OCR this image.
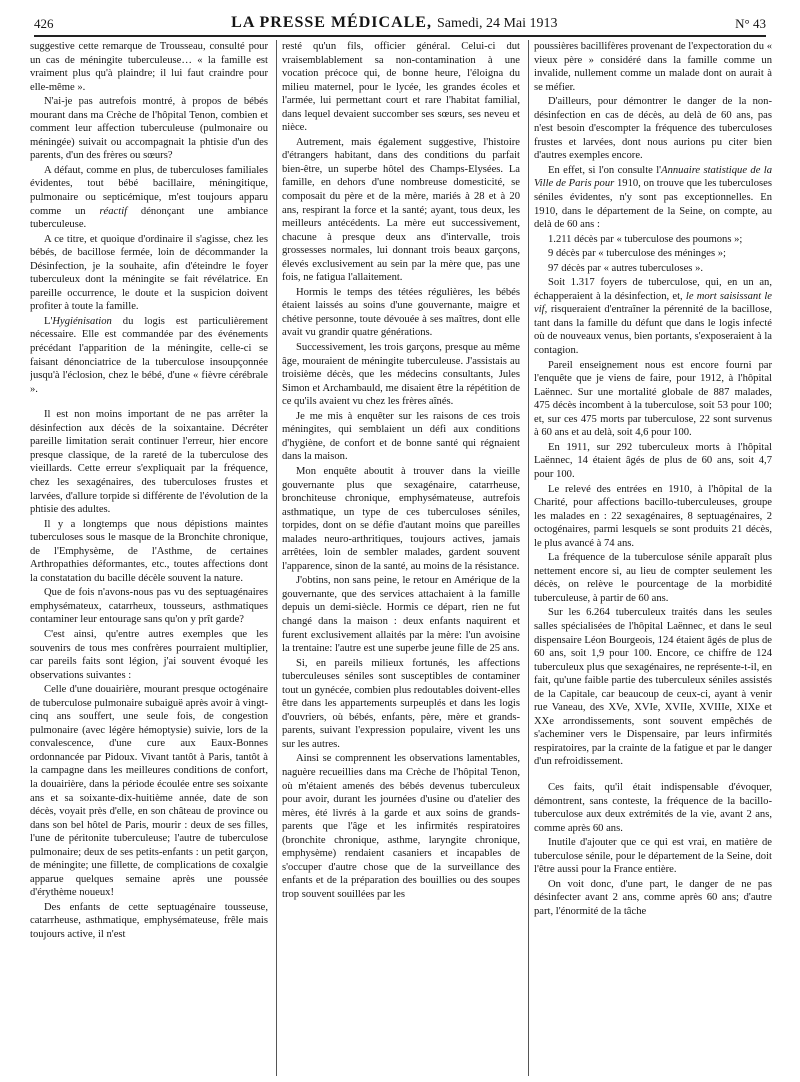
426	LA PRESSE MÉDICALE, Samedi, 24 Mai 1913	N° 43

suggestive cette remarque de Trousseau, consulté pour un cas de méningite tuberculeuse… « la famille est vraiment plus qu'à plaindre; il lui faut craindre pour elle-même ».

N'ai-je pas autrefois montré, à propos de bébés mourant dans ma Crèche de l'hôpital Tenon, combien et comment leur affection tuberculeuse (pulmonaire ou méningée) suivait ou accompagnait la phtisie d'un des parents, d'un des frères ou sœurs?

A défaut, comme en plus, de tuberculoses familiales évidentes, tout bébé bacillaire, méningitique, pulmonaire ou septicémique, m'est toujours apparu comme un réactif dénonçant une ambiance tuberculeuse.

A ce titre, et quoique d'ordinaire il s'agisse, chez les bébés, de bacillose fermée, loin de décommander la Désinfection, je la souhaite, afin d'éteindre le foyer tuberculeux dont la méningite se fait révélatrice. En pareille occurrence, le doute et la suspicion doivent profiter à toute la famille.

L'Hygiénisation du logis est particulièrement nécessaire. Elle est commandée par des événements précédant l'apparition de la méningite, celle-ci se faisant dénonciatrice de la tuberculose insoupçonnée jusqu'à l'éclosion, chez le bébé, d'une « fièvre cérébrale ».

Il est non moins important de ne pas arrêter la désinfection aux décès de la soixantaine. Décréter pareille limitation serait continuer l'erreur, hier encore presque classique, de la rareté de la tuberculose des vieillards. Cette erreur s'expliquait par la fréquence, chez les sexagénaires, des tuberculoses frustes et larvées, d'allure torpide si différente de l'évolution de la phtisie des adultes.

Il y a longtemps que nous dépistions maintes tuberculoses sous le masque de la Bronchite chronique, de l'Emphysème, de l'Asthme, de certaines Arthropathies déformantes, etc., toutes affections dont la constatation du bacille décèle souvent la nature.

Que de fois n'avons-nous pas vu des septuagénaires emphysémateux, catarrheux, tousseurs, asthmatiques contaminer leur entourage sans qu'on y prît garde?

C'est ainsi, qu'entre autres exemples que les souvenirs de tous mes confrères pourraient multiplier, car pareils faits sont légion, j'ai souvent évoqué les observations suivantes :

Celle d'une douairière, mourant presque octogénaire de tuberculose pulmonaire subaiguë après avoir à vingt-cinq ans souffert, une seule fois, de congestion pulmonaire (avec légère hémoptysie) suivie, lors de la convalescence, d'une cure aux Eaux-Bonnes ordonnancée par Pidoux. Vivant tantôt à Paris, tantôt à la campagne dans les meilleures conditions de confort, la douairière, dans la période écoulée entre ses soixante ans et sa soixante-dix-huitième année, date de son décès, voyait près d'elle, en son château de province ou dans son bel hôtel de Paris, mourir : deux de ses filles, l'une de péritonite tuberculeuse; l'autre de tuberculose pulmonaire; deux de ses petits-enfants : un petit garçon, de méningite; une fillette, de complications de coxalgie apparue quelques semaine après une poussée d'érythème noueux!

Des enfants de cette septuagénaire tousseuse, catarrheuse, asthmatique, emphysémateuse, frêle mais toujours active, il n'est

resté qu'un fils, officier général. Celui-ci dut vraisemblablement sa non-contamination à une vocation précoce qui, de bonne heure, l'éloigna du milieu maternel, pour le lycée, les grandes écoles et l'armée, lui permettant court et rare l'habitat familial, dans lequel devaient succomber ses sœurs, ses neveu et nièce.

Autrement, mais également suggestive, l'histoire d'étrangers habitant, dans des conditions du parfait bien-être, un superbe hôtel des Champs-Elysées. La famille, en dehors d'une nombreuse domesticité, se composait du père et de la mère, mariés à 28 et à 20 ans, respirant la force et la santé; ayant, tous deux, les meilleurs antécédents. La mère eut successivement, chacune à presque deux ans d'intervalle, trois grossesses normales, lui donnant trois beaux garçons, élevés exclusivement au sein par la mère que, pas une fois, ne fatigua l'allaitement.

Hormis le temps des tétées régulières, les bébés étaient laissés au soins d'une gouvernante, maigre et chétive personne, toute dévouée à ses maîtres, dont elle avait vu grandir quatre générations.

Successivement, les trois garçons, presque au même âge, mouraient de méningite tuberculeuse. J'assistais au troisième décès, que les médecins consultants, Jules Simon et Archambauld, me disaient être la répétition de ce qu'ils avaient vu chez les frères aînés.

Je me mis à enquêter sur les raisons de ces trois méningites, qui semblaient un défi aux conditions d'hygiène, de confort et de bonne santé qui régnaient dans la maison.

Mon enquête aboutit à trouver dans la vieille gouvernante plus que sexagénaire, catarrheuse, bronchiteuse chronique, emphysémateuse, autrefois asthmatique, un type de ces tuberculoses séniles, torpides, dont on se défie d'autant moins que pareilles malades neuro-arthritiques, toujours actives, jamais arrêtées, loin de sembler malades, gardent souvent l'apparence, sinon de la santé, au moins de la résistance.

J'obtins, non sans peine, le retour en Amérique de la gouvernante, que des services attachaient à la famille depuis un demi-siècle. Hormis ce départ, rien ne fut changé dans la maison : deux enfants naquirent et furent exclusivement allaités par la mère: l'un avoisine la trentaine: l'autre est une superbe jeune fille de 25 ans.

Si, en pareils milieux fortunés, les affections tuberculeuses séniles sont susceptibles de contaminer tout un gynécée, combien plus redoutables doivent-elles être dans les appartements surpeuplés et dans les logis d'ouvriers, où bébés, enfants, père, mère et grands-parents, suivant l'expression populaire, vivent les uns sur les autres.

Ainsi se comprennent les observations lamentables, naguère recueillies dans ma Crèche de l'hôpital Tenon, où m'étaient amenés des bébés devenus tuberculeux pour avoir, durant les journées d'usine ou d'atelier des mères, été livrés à la garde et aux soins de grands-parents que l'âge et les infirmités respiratoires (bronchite chronique, asthme, laryngite chronique, emphysème) rendaient casaniers et incapables de s'occuper d'autre chose que de la surveillance des enfants et de la préparation des bouillies ou des soupes trop souvent souillées par les

poussières bacillifères provenant de l'expectoration du « vieux père » considéré dans la famille comme un invalide, nullement comme un malade dont on aurait à se méfier.

D'ailleurs, pour démontrer le danger de la non-désinfection en cas de décès, au delà de 60 ans, pas n'est besoin d'escompter la fréquence des tuberculoses frustes et larvées, dont nous aurions pu citer bien d'autres exemples encore.

En effet, si l'on consulte l'Annuaire statistique de la Ville de Paris pour 1910, on trouve que les tuberculoses séniles évidentes, n'y sont pas exceptionnelles. En 1910, dans le département de la Seine, on compte, au delà de 60 ans :

1.211 décès par « tuberculose des poumons »;

9 décès par « tuberculose des méninges »;

97 décès par « autres tuberculoses ».

Soit 1.317 foyers de tuberculose, qui, en un an, échapperaient à la désinfection, et, le mort saisissant le vif, risqueraient d'entraîner la pérennité de la bacillose, tant dans la famille du défunt que dans le logis infecté où de nouveaux venus, bien portants, s'exposeraient à la contagion.

Pareil enseignement nous est encore fourni par l'enquête que je viens de faire, pour 1912, à l'hôpital Laënnec. Sur une mortalité globale de 887 malades, 475 décès incombent à la tuberculose, soit 53 pour 100; et, sur ces 475 morts par tuberculose, 22 sont survenus à 60 ans et au delà, soit 4,6 pour 100.

En 1911, sur 292 tuberculeux morts à l'hôpital Laënnec, 14 étaient âgés de plus de 60 ans, soit 4,7 pour 100.

Le relevé des entrées en 1910, à l'hôpital de la Charité, pour affections bacillo-tuberculeuses, groupe les malades en : 22 sexagénaires, 8 septuagénaires, 2 octogénaires, parmi lesquels se sont produits 21 décès, le plus avancé à 74 ans.

La fréquence de la tuberculose sénile apparaît plus nettement encore si, au lieu de compter seulement les décès, on relève le pourcentage de la morbidité tuberculeuse, à partir de 60 ans.

Sur les 6.264 tuberculeux traités dans les seules salles spécialisées de l'hôpital Laënnec, et dans le seul dispensaire Léon Bourgeois, 124 étaient âgés de plus de 60 ans, soit 1,9 pour 100. Encore, ce chiffre de 124 tuberculeux plus que sexagénaires, ne représente-t-il, en fait, qu'une faible partie des tuberculeux séniles assistés de la Capitale, car beaucoup de ceux-ci, ayant à venir rue Vaneau, des XVe, XVIe, XVIIe, XVIIIe, XIXe et XXe arrondissements, sont souvent empêchés de s'acheminer vers le Dispensaire, par leurs infirmités respiratoires, par la crainte de la fatigue et par le danger d'un refroidissement.

Ces faits, qu'il était indispensable d'évoquer, démontrent, sans conteste, la fréquence de la bacillo-tuberculose aux deux extrémités de la vie, avant 2 ans, comme après 60 ans.

Inutile d'ajouter que ce qui est vrai, en matière de tuberculose sénile, pour le département de la Seine, doit l'être aussi pour la France entière.

On voit donc, d'une part, le danger de ne pas désinfecter avant 2 ans, comme après 60 ans; d'autre part, l'énormité de la tâche
